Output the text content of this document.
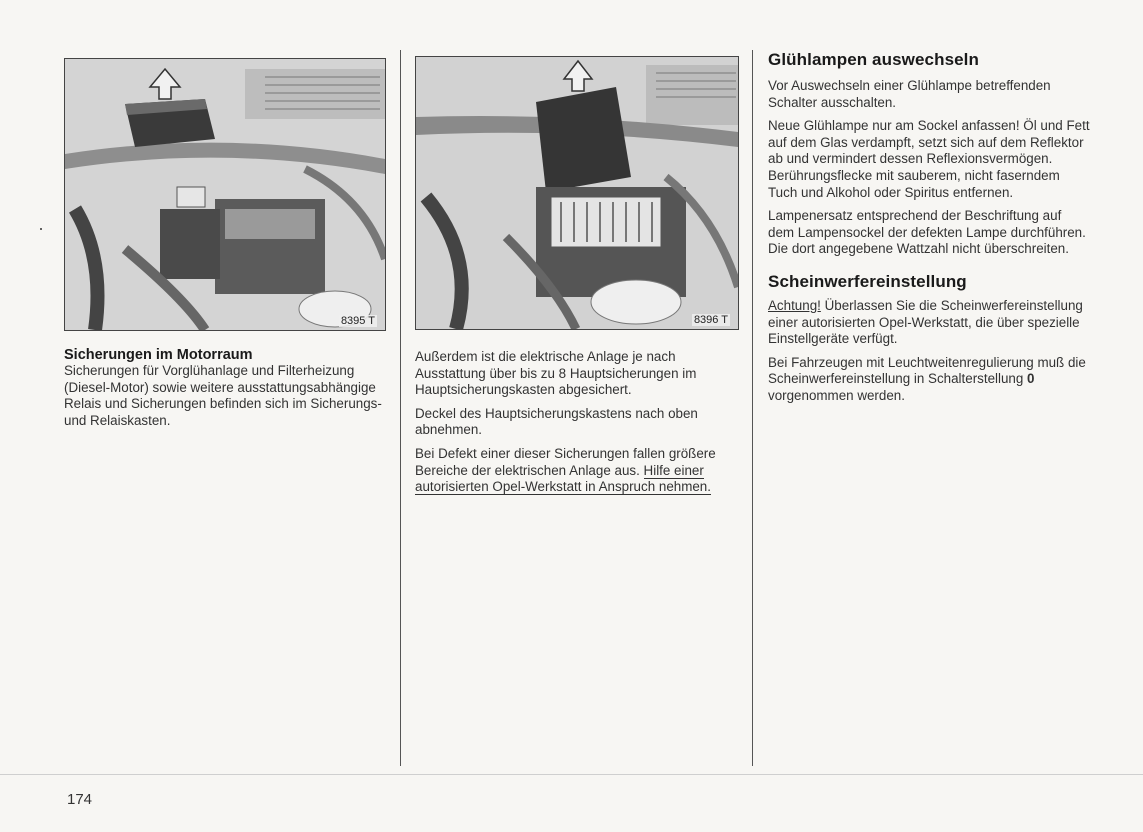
8395 T
Sicherungen im Motorraum

Sicherungen für Vorglühanlage und Filterheizung (Diesel-Motor) sowie weitere ausstattungsabhängige Relais und Sicherungen befinden sich im Sicherungs- und Relaiskasten.

8396 T

Außerdem ist die elektrische Anlage je nach Ausstattung über bis zu 8 Hauptsicherungen im Hauptsicherungskasten abgesichert.

Deckel des Hauptsicherungskastens nach oben abnehmen.

Bei Defekt einer dieser Sicherungen fallen größere Bereiche der elektrischen Anlage aus. Hilfe einer autorisierten Opel-Werkstatt in Anspruch nehmen.

Glühlampen auswechseln

Vor Auswechseln einer Glühlampe betreffenden Schalter ausschalten.

Neue Glühlampe nur am Sockel anfassen! Öl und Fett auf dem Glas verdampft, setzt sich auf dem Reflektor ab und vermindert dessen Reflexionsvermögen. Berührungsflecke mit sauberem, nicht faserndem Tuch und Alkohol oder Spiritus entfernen.

Lampenersatz entsprechend der Beschriftung auf dem Lampensockel der defekten Lampe durchführen. Die dort angegebene Wattzahl nicht überschreiten.

Scheinwerfereinstellung

Achtung! Überlassen Sie die Scheinwerfereinstellung einer autorisierten Opel-Werkstatt, die über spezielle Einstellgeräte verfügt.

Bei Fahrzeugen mit Leuchtweitenregulierung muß die Scheinwerfereinstellung in Schalterstellung 0 vorgenommen werden.

174
